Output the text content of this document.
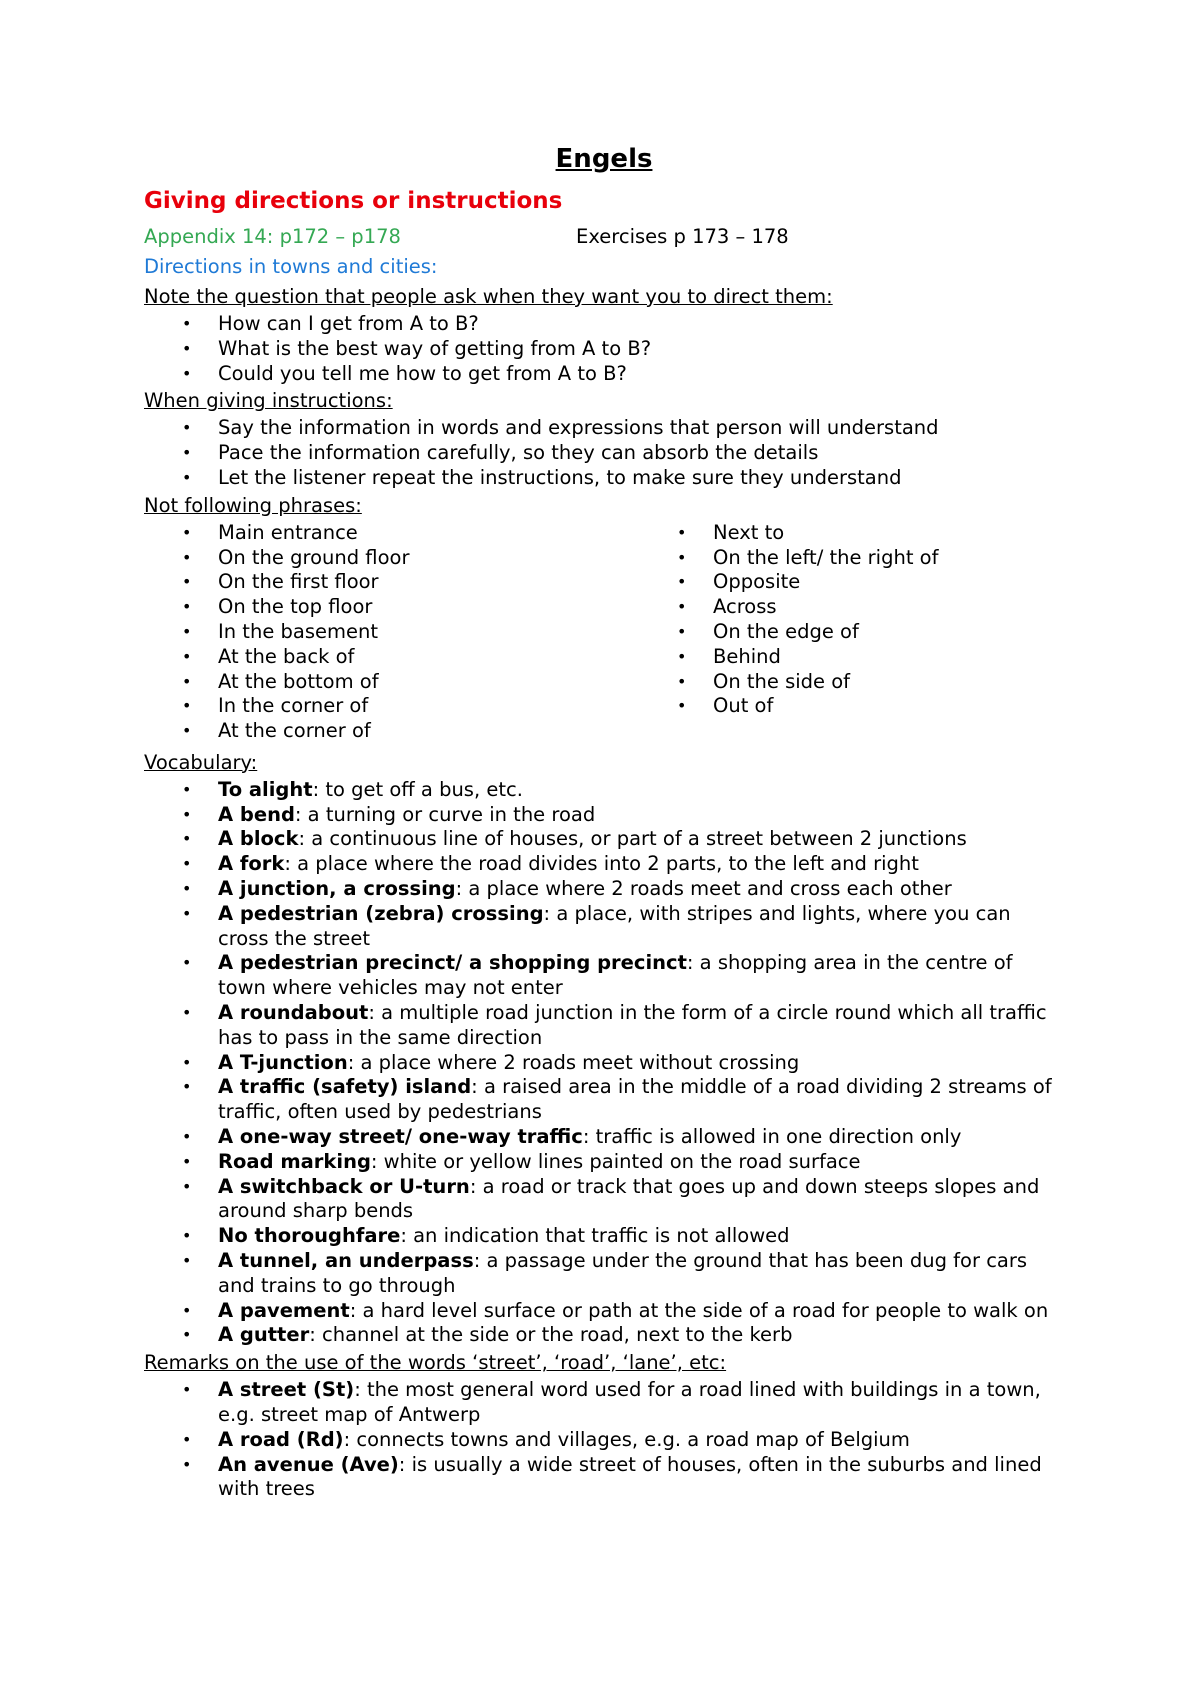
Engels
Giving directions or instructions
Appendix 14: p172 – p178	Exercises p 173 – 178
Directions in towns and cities:
Note the question that people ask when they want you to direct them:
• How can I get from A to B?
• What is the best way of getting from A to B?
• Could you tell me how to get from A to B?
When giving instructions:
• Say the information in words and expressions that person will understand
• Pace the information carefully, so they can absorb the details
• Let the listener repeat the instructions, to make sure they understand
Not following phrases:
• Main entrance
• On the ground floor
• On the first floor
• On the top floor
• In the basement
• At the back of
• At the bottom of
• In the corner of
• At the corner of
• Next to
• On the left/ the right of
• Opposite
• Across
• On the edge of
• Behind
• On the side of
• Out of
Vocabulary:
• To alight: to get off a bus, etc.
• A bend: a turning or curve in the road
• A block: a continuous line of houses, or part of a street between 2 junctions
• A fork: a place where the road divides into 2 parts, to the left and right
• A junction, a crossing: a place where 2 roads meet and cross each other
• A pedestrian (zebra) crossing: a place, with stripes and lights, where you can cross the street
• A pedestrian precinct/ a shopping precinct: a shopping area in the centre of town where vehicles may not enter
• A roundabout: a multiple road junction in the form of a circle round which all traffic has to pass in the same direction
• A T-junction: a place where 2 roads meet without crossing
• A traffic (safety) island: a raised area in the middle of a road dividing 2 streams of traffic, often used by pedestrians
• A one-way street/ one-way traffic: traffic is allowed in one direction only
• Road marking: white or yellow lines painted on the road surface
• A switchback or U-turn: a road or track that goes up and down steeps slopes and around sharp bends
• No thoroughfare: an indication that traffic is not allowed
• A tunnel, an underpass: a passage under the ground that has been dug for cars and trains to go through
• A pavement: a hard level surface or path at the side of a road for people to walk on
• A gutter: channel at the side or the road, next to the kerb
Remarks on the use of the words ‘street’, ‘road’, ‘lane’, etc:
• A street (St): the most general word used for a road lined with buildings in a town, e.g. street map of Antwerp
• A road (Rd): connects towns and villages, e.g. a road map of Belgium
• An avenue (Ave): is usually a wide street of houses, often in the suburbs and lined with trees
